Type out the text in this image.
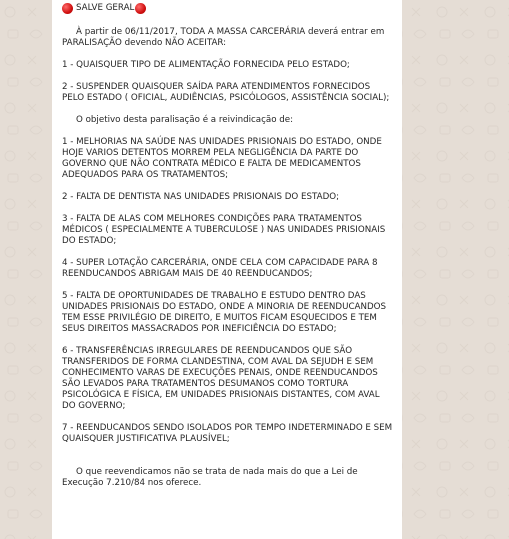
SALVE GERAL

À partir de 06/11/2017, TODA A MASSA CARCERÁRIA deverá entrar em PARALISAÇÃO devendo NÃO ACEITAR:

1 - QUAISQUER TIPO DE ALIMENTAÇÃO FORNECIDA PELO ESTADO;

2 - SUSPENDER QUAISQUER SAÍDA PARA ATENDIMENTOS FORNECIDOS PELO ESTADO ( OFICIAL, AUDIÊNCIAS, PSICÓLOGOS, ASSISTÊNCIA SOCIAL);

O objetivo desta paralisação é a reivindicação de:

1 - MELHORIAS NA SAÚDE NAS UNIDADES PRISIONAIS DO ESTADO, ONDE HOJE VARIOS DETENTOS MORREM PELA NEGLIGÊNCIA DA PARTE DO GOVERNO QUE NÃO CONTRATA MÉDICO E FALTA DE MEDICAMENTOS ADEQUADOS PARA OS TRATAMENTOS;

2 - FALTA DE DENTISTA NAS UNIDADES PRISIONAIS DO ESTADO;

3 - FALTA DE ALAS COM MELHORES CONDIÇÕES PARA TRATAMENTOS MÉDICOS ( ESPECIALMENTE A TUBERCULOSE ) NAS UNIDADES PRISIONAIS DO ESTADO;

4 - SUPER LOTAÇÃO CARCERÁRIA, ONDE CELA COM CAPACIDADE PARA 8 REENDUCANDOS ABRIGAM MAIS DE 40 REENDUCANDOS;

5 - FALTA DE OPORTUNIDADES DE TRABALHO E ESTUDO DENTRO DAS UNIDADES PRISIONAIS DO ESTADO, ONDE A MINORIA DE REENDUCANDOS TEM ESSE PRIVILÉGIO DE DIREITO, E MUITOS FICAM ESQUECIDOS E TEM SEUS DIREITOS MASSACRADOS POR INEFICIÊNCIA DO ESTADO;

6 - TRANSFERÊNCIAS IRREGULARES DE REENDUCANDOS QUE SÃO TRANSFERIDOS DE FORMA CLANDESTINA, COM AVAL DA SEJUDH E SEM CONHECIMENTO VARAS DE EXECUÇÕES PENAIS, ONDE REENDUCANDOS SÃO LEVADOS PARA TRATAMENTOS DESUMANOS COMO TORTURA PSICOLÓGICA E FÍSICA, EM UNIDADES PRISIONAIS DISTANTES, COM AVAL DO GOVERNO;

7 - REENDUCANDOS SENDO ISOLADOS POR TEMPO INDETERMINADO E SEM QUAISQUER JUSTIFICATIVA PLAUSÍVEL;

O que reevendicamos não se trata de nada mais do que a Lei de Execução 7.210/84 nos oferece.
